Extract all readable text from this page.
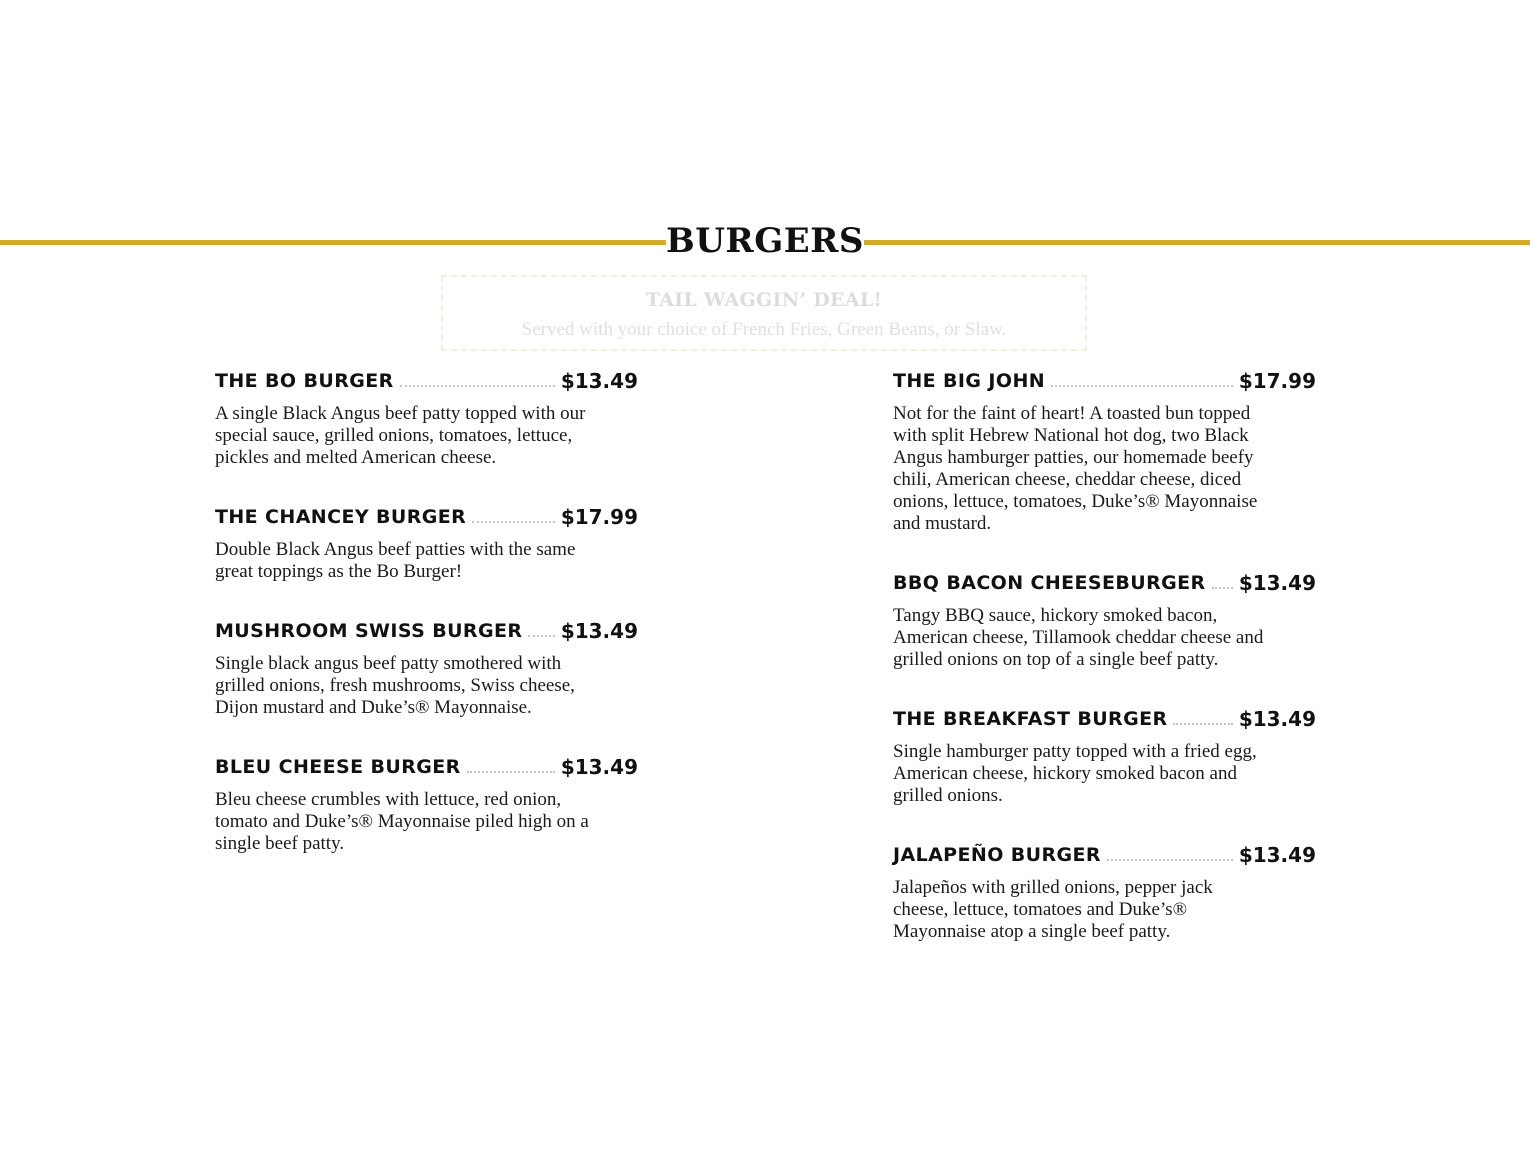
BURGERS
TAIL WAGGIN’ DEAL!
Served with your choice of French Fries, Green Beans, or Slaw.
THE BO BURGER	$13.49
A single Black Angus beef patty topped with our special sauce, grilled onions, tomatoes, lettuce, pickles and melted American cheese.
THE CHANCEY BURGER	$17.99
Double Black Angus beef patties with the same great toppings as the Bo Burger!
MUSHROOM SWISS BURGER $13.49
Single black angus beef patty smothered with grilled onions, fresh mushrooms, Swiss cheese, Dijon mustard and Duke’s® Mayonnaise.
BLEU CHEESE BURGER	$13.49
Bleu cheese crumbles with lettuce, red onion, tomato and Duke’s® Mayonnaise piled high on a single beef patty.
THE BIG JOHN	$17.99
Not for the faint of heart! A toasted bun topped with split Hebrew National hot dog, two Black Angus hamburger patties, our homemade beefy chili, American cheese, cheddar cheese, diced onions, lettuce, tomatoes, Duke’s® Mayonnaise and mustard.
BBQ BACON CHEESEBURGER $13.49
Tangy BBQ sauce, hickory smoked bacon, American cheese, Tillamook cheddar cheese and grilled onions on top of a single beef patty.
THE BREAKFAST BURGER	$13.49
Single hamburger patty topped with a fried egg, American cheese, hickory smoked bacon and grilled onions.
JALAPEÑO BURGER	$13.49
Jalapeños with grilled onions, pepper jack cheese, lettuce, tomatoes and Duke’s® Mayonnaise atop a single beef patty.
